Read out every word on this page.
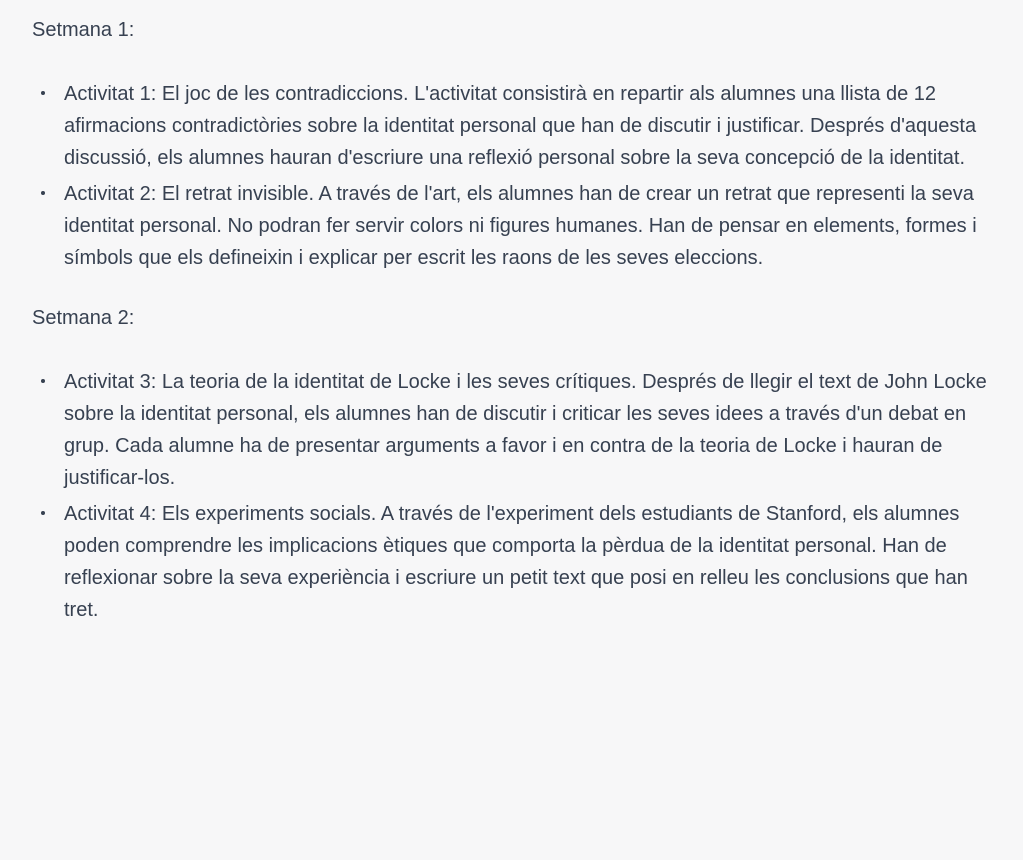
Setmana 1:

Activitat 1: El joc de les contradiccions. L'activitat consistirà en repartir als alumnes una llista de 12 afirmacions contradictòries sobre la identitat personal que han de discutir i justificar. Després d'aquesta discussió, els alumnes hauran d'escriure una reflexió personal sobre la seva concepció de la identitat.
Activitat 2: El retrat invisible. A través de l'art, els alumnes han de crear un retrat que representi la seva identitat personal. No podran fer servir colors ni figures humanes. Han de pensar en elements, formes i símbols que els defineixin i explicar per escrit les raons de les seves eleccions.

Setmana 2:

Activitat 3: La teoria de la identitat de Locke i les seves crítiques. Després de llegir el text de John Locke sobre la identitat personal, els alumnes han de discutir i criticar les seves idees a través d'un debat en grup. Cada alumne ha de presentar arguments a favor i en contra de la teoria de Locke i hauran de justificar-los.
Activitat 4: Els experiments socials. A través de l'experiment dels estudiants de Stanford, els alumnes poden comprendre les implicacions ètiques que comporta la pèrdua de la identitat personal. Han de reflexionar sobre la seva experiència i escriure un petit text que posi en relleu les conclusions que han tret.
